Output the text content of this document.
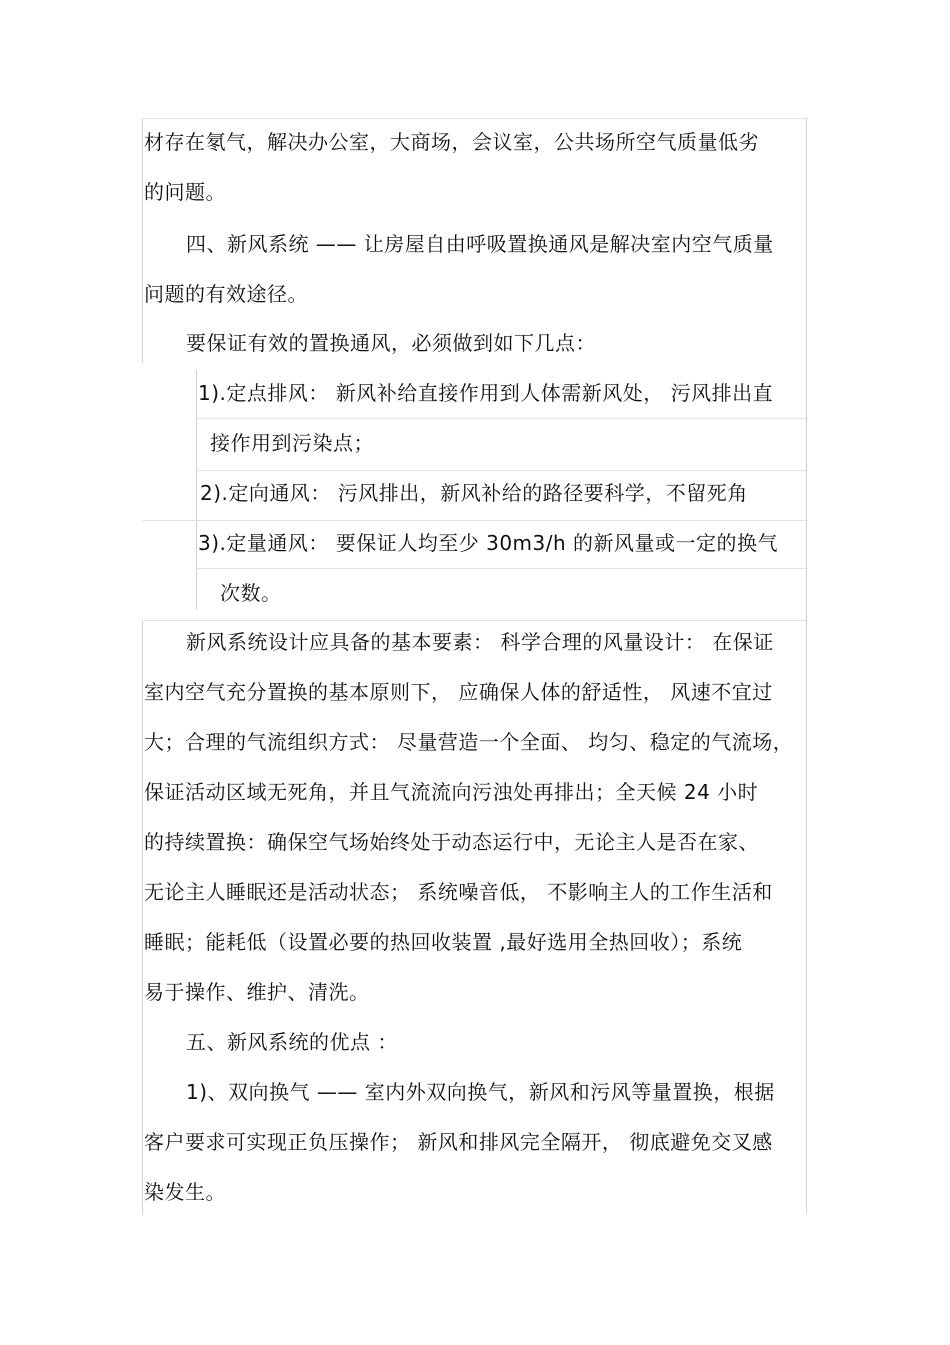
材存在氡气，解决办公室，大商场，会议室，公共场所空气质量低劣
的问题。
四、新风系统 —— 让房屋自由呼吸置换通风是解决室内空气质量
问题的有效途径。
要保证有效的置换通风，必须做到如下几点：
1).定点排风： 新风补给直接作用到人体需新风处， 污风排出直
接作用到污染点；
2).定向通风： 污风排出，新风补给的路径要科学，不留死角
3).定量通风： 要保证人均至少 30m3/h 的新风量或一定的换气
次数。
新风系统设计应具备的基本要素： 科学合理的风量设计： 在保证
室内空气充分置换的基本原则下， 应确保人体的舒适性， 风速不宜过
大；合理的气流组织方式： 尽量营造一个全面、 均匀、稳定的气流场，
保证活动区域无死角，并且气流流向污浊处再排出；全天候 24 小时
的持续置换：确保空气场始终处于动态运行中，无论主人是否在家、
无论主人睡眠还是活动状态； 系统噪音低， 不影响主人的工作生活和
睡眠；能耗低（设置必要的热回收装置 ,最好选用全热回收）；系统
易于操作、维护、清洗。
五、新风系统的优点 ：
1)、双向换气 —— 室内外双向换气，新风和污风等量置换，根据
客户要求可实现正负压操作； 新风和排风完全隔开， 彻底避免交叉感
染发生。
